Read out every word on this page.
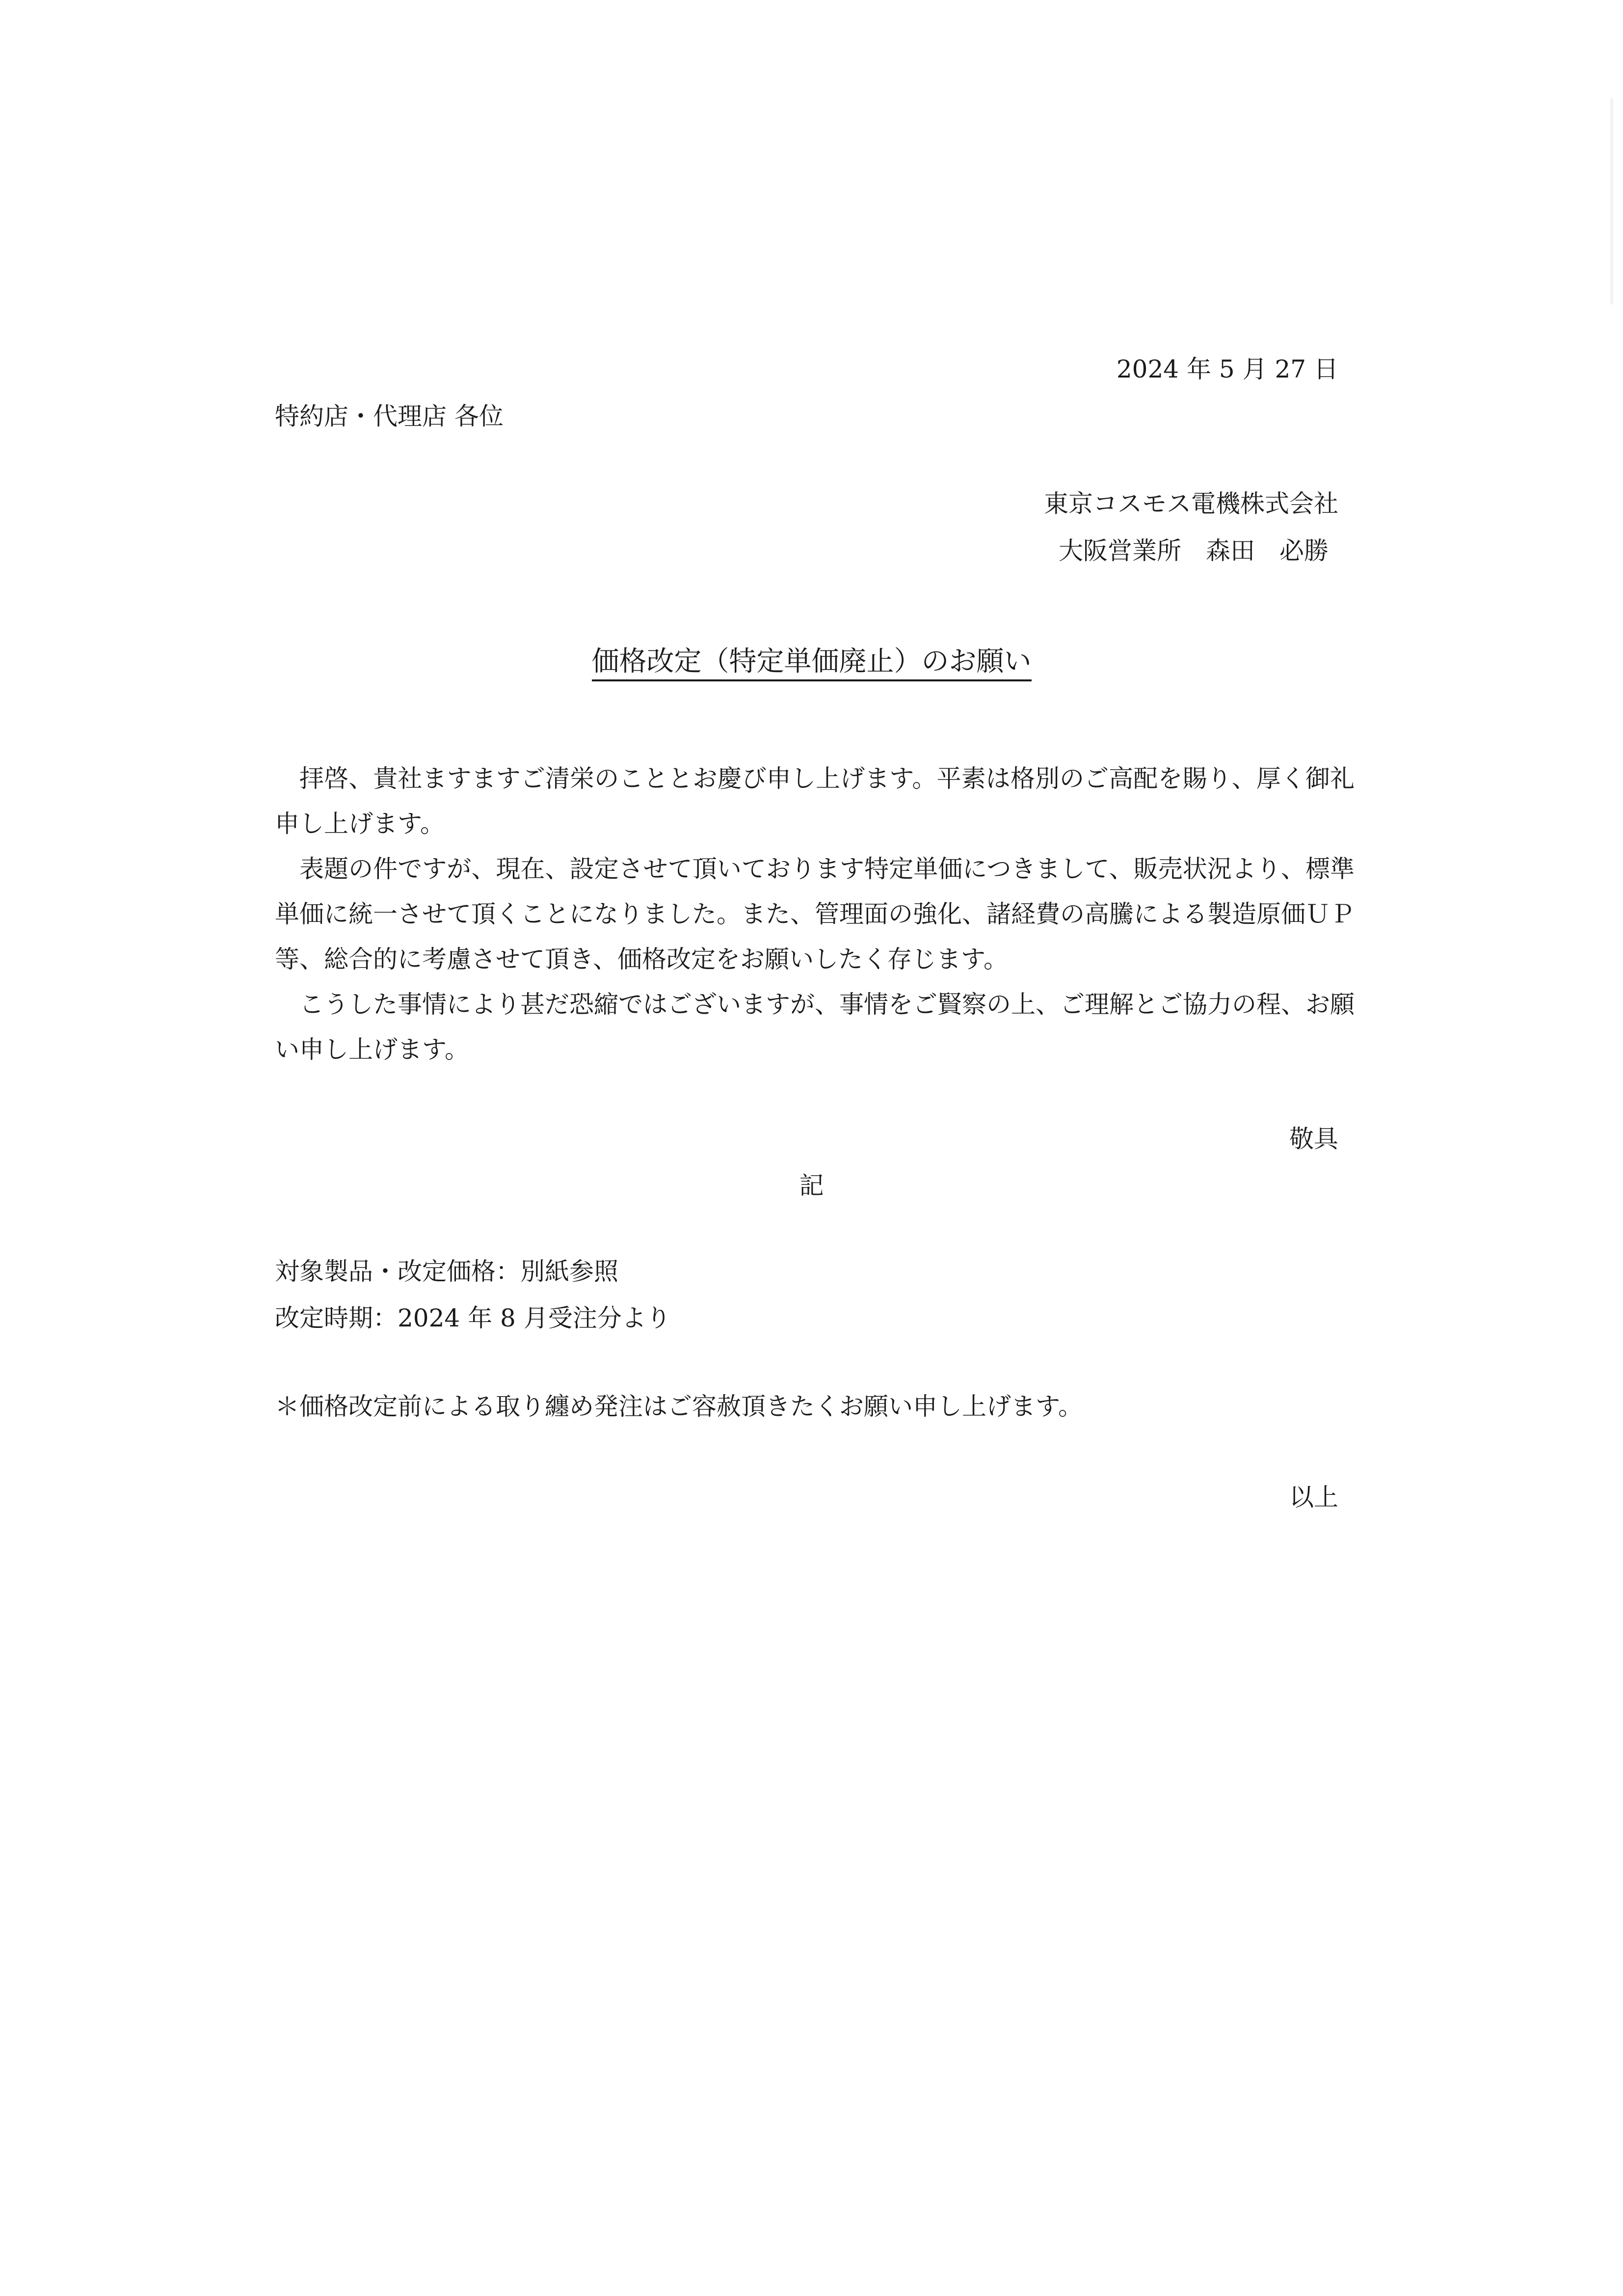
2024 年 5 月 27 日
特約店・代理店 各位
東京コスモス電機株式会社
大阪営業所　森田　必勝
価格改定（特定単価廃止）のお願い

拝啓、貴社ますますご清栄のこととお慶び申し上げます。平素は格別のご高配を賜り、厚く御礼申し上げます。

表題の件ですが、現在、設定させて頂いております特定単価につきまして、販売状況より、標準単価に統一させて頂くことになりました。また、管理面の強化、諸経費の高騰による製造原価ＵＰ等、総合的に考慮させて頂き、価格改定をお願いしたく存じます。

こうした事情により甚だ恐縮ではございますが、事情をご賢察の上、ご理解とご協力の程、お願い申し上げます。

敬具
記
対象製品・改定価格：別紙参照
改定時期：2024 年 8 月受注分より
＊価格改定前による取り纏め発注はご容赦頂きたくお願い申し上げます。
以上
